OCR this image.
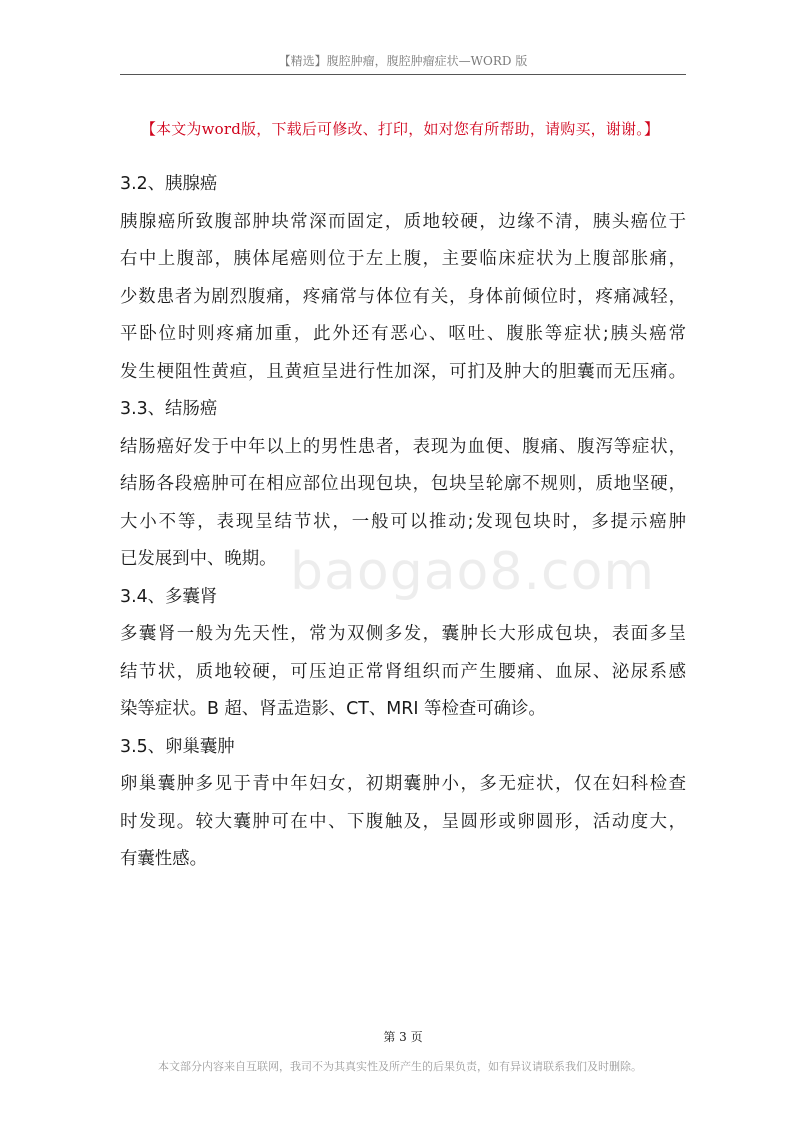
【精选】腹腔肿瘤，腹腔肿瘤症状—WORD 版
【本文为word版，下载后可修改、打印，如对您有所帮助，请购买，谢谢。】
baogao8.com
3.2、胰腺癌
胰腺癌所致腹部肿块常深而固定，质地较硬，边缘不清，胰头癌位于
右中上腹部，胰体尾癌则位于左上腹，主要临床症状为上腹部胀痛，
少数患者为剧烈腹痛，疼痛常与体位有关，身体前倾位时，疼痛减轻，
平卧位时则疼痛加重，此外还有恶心、呕吐、腹胀等症状;胰头癌常
发生梗阻性黄疸，且黄疸呈进行性加深，可扪及肿大的胆囊而无压痛。
3.3、结肠癌
结肠癌好发于中年以上的男性患者，表现为血便、腹痛、腹泻等症状，
结肠各段癌肿可在相应部位出现包块，包块呈轮廓不规则，质地坚硬，
大小不等，表现呈结节状，一般可以推动;发现包块时，多提示癌肿
已发展到中、晚期。
3.4、多囊肾
多囊肾一般为先天性，常为双侧多发，囊肿长大形成包块，表面多呈
结节状，质地较硬，可压迫正常肾组织而产生腰痛、血尿、泌尿系感
染等症状。B 超、肾盂造影、CT、MRI 等检查可确诊。
3.5、卵巢囊肿
卵巢囊肿多见于青中年妇女，初期囊肿小，多无症状，仅在妇科检查
时发现。较大囊肿可在中、下腹触及，呈圆形或卵圆形，活动度大，
有囊性感。
第 3 页
本文部分内容来自互联网，我司不为其真实性及所产生的后果负责，如有异议请联系我们及时删除。
